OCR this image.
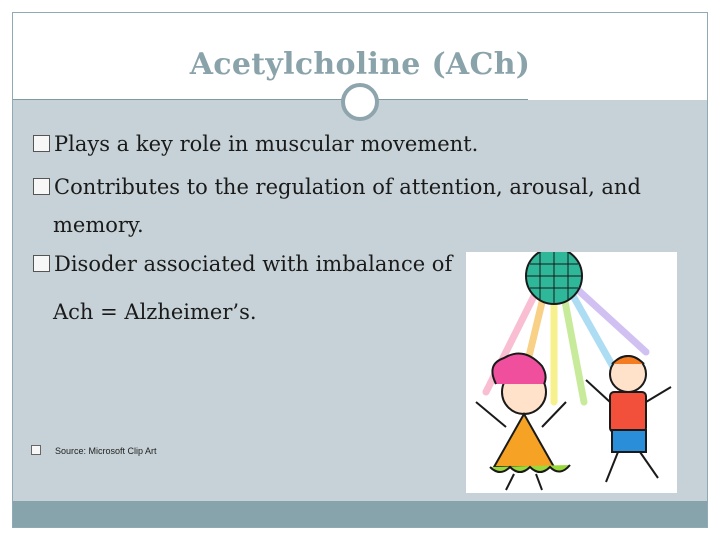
Acetylcholine (ACh)
Plays a key role in muscular movement.
Contributes to the regulation of attention, arousal, and
memory.
Disoder associated with imbalance of
Ach = Alzheimer’s.
Source: Microsoft Clip Art
